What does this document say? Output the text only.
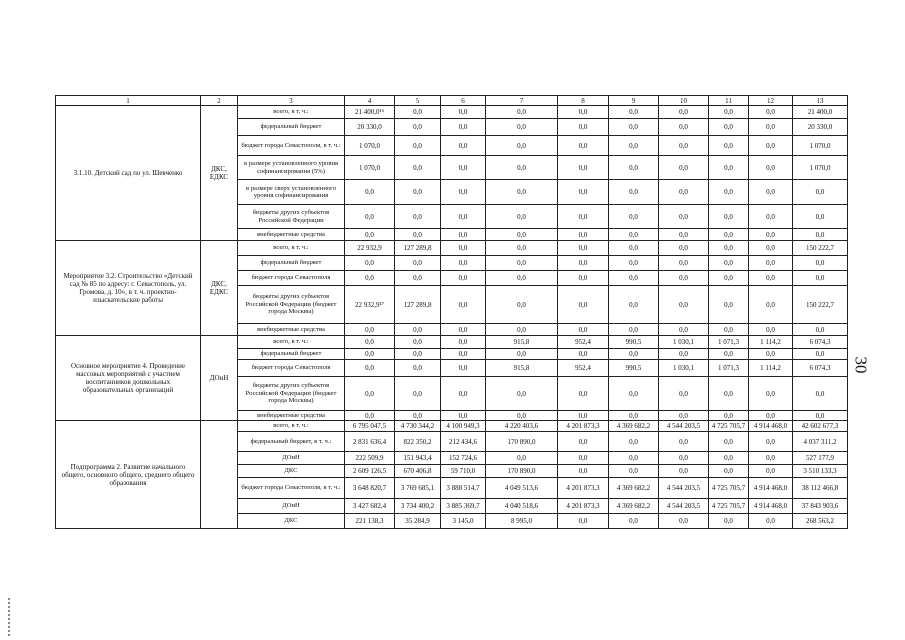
1	2	3	4	5	6	7	8	9	10	11	12	13
3.1.10. Детский сад по ул. Шевченко	ДКС, ЕДКС	всего, в т. ч.:	21 400,0¹⁶	0,0	0,0	0,0	0,0	0,0	0,0	0,0	0,0	21 400,0
		федеральный бюджет	20 330,0	0,0	0,0	0,0	0,0	0,0	0,0	0,0	0,0	20 330,0
		бюджет города Севастополя, в т. ч.:	1 070,0	0,0	0,0	0,0	0,0	0,0	0,0	0,0	0,0	1 070,0
		в размере установленного уровня софинансирования (5%)	1 070,0	0,0	0,0	0,0	0,0	0,0	0,0	0,0	0,0	1 070,0
		в размере сверх установленного уровня софинансирования	0,0	0,0	0,0	0,0	0,0	0,0	0,0	0,0	0,0	0,0
		бюджеты других субъектов Российской Федерации	0,0	0,0	0,0	0,0	0,0	0,0	0,0	0,0	0,0	0,0
		внебюджетные средства	0,0	0,0	0,0	0,0	0,0	0,0	0,0	0,0	0,0	0,0
Мероприятие 3.2. Строительство «Детский сад № 85 по адресу: г. Севастополь, ул. Громова, д. 10», в т. ч. проектно-изыскательские работы	ДКС, ЕДКС	всего, в т. ч.:	22 932,9	127 289,8	0,0	0,0	0,0	0,0	0,0	0,0	0,0	150 222,7
		федеральный бюджет	0,0	0,0	0,0	0,0	0,0	0,0	0,0	0,0	0,0	0,0
		бюджет города Севастополя	0,0	0,0	0,0	0,0	0,0	0,0	0,0	0,0	0,0	0,0
		бюджеты других субъектов Российской Федерации (бюджет города Москвы)	22 932,9¹⁷	127 289,8	0,0	0,0	0,0	0,0	0,0	0,0	0,0	150 222,7
		внебюджетные средства	0,0	0,0	0,0	0,0	0,0	0,0	0,0	0,0	0,0	0,0
Основное мероприятие 4. Проведение массовых мероприятий с участием воспитанников дошкольных образовательных организаций	ДОиН	всего, в т. ч.:	0,0	0,0	0,0	915,8	952,4	990,5	1 030,1	1 071,3	1 114,2	6 074,3
		федеральный бюджет	0,0	0,0	0,0	0,0	0,0	0,0	0,0	0,0	0,0	0,0
		бюджет города Севастополя	0,0	0,0	0,0	915,8	952,4	990,5	1 030,1	1 071,3	1 114,2	6 074,3
		бюджеты других субъектов Российской Федерации (бюджет города Москвы)	0,0	0,0	0,0	0,0	0,0	0,0	0,0	0,0	0,0	0,0
		внебюджетные средства	0,0	0,0	0,0	0,0	0,0	0,0	0,0	0,0	0,0	0,0
Подпрограмма 2. Развитие начального общего, основного общего, среднего общего образования		всего, в т. ч.:	6 795 047,5	4 730 344,2	4 100 949,3	4 220 403,6	4 201 873,3	4 369 682,2	4 544 203,5	4 725 705,7	4 914 468,0	42 602 677,3
		федеральный бюджет, в т. ч.:	2 831 636,4	822 350,2	212 434,6	170 890,0	0,0	0,0	0,0	0,0	0,0	4 037 311,2
		ДОиН	222 509,9	151 943,4	152 724,6	0,0	0,0	0,0	0,0	0,0	0,0	527 177,9
		ДКС	2 609 126,5	670 406,8	59 710,0	170 890,0	0,0	0,0	0,0	0,0	0,0	3 510 133,3
		бюджет города Севастополя, в т. ч.:	3 648 820,7	3 769 685,1	3 888 514,7	4 049 513,6	4 201 873,3	4 369 682,2	4 544 203,5	4 725 705,7	4 914 468,0	38 112 466,8
		ДОиН	3 427 682,4	3 734 400,2	3 885 369,7	4 040 518,6	4 201 873,3	4 369 682,2	4 544 203,5	4 725 705,7	4 914 468,0	37 843 903,6
		ДКС	221 138,3	35 284,9	3 145,0	8 995,0	0,0	0,0	0,0	0,0	0,0	268 563,2
30
